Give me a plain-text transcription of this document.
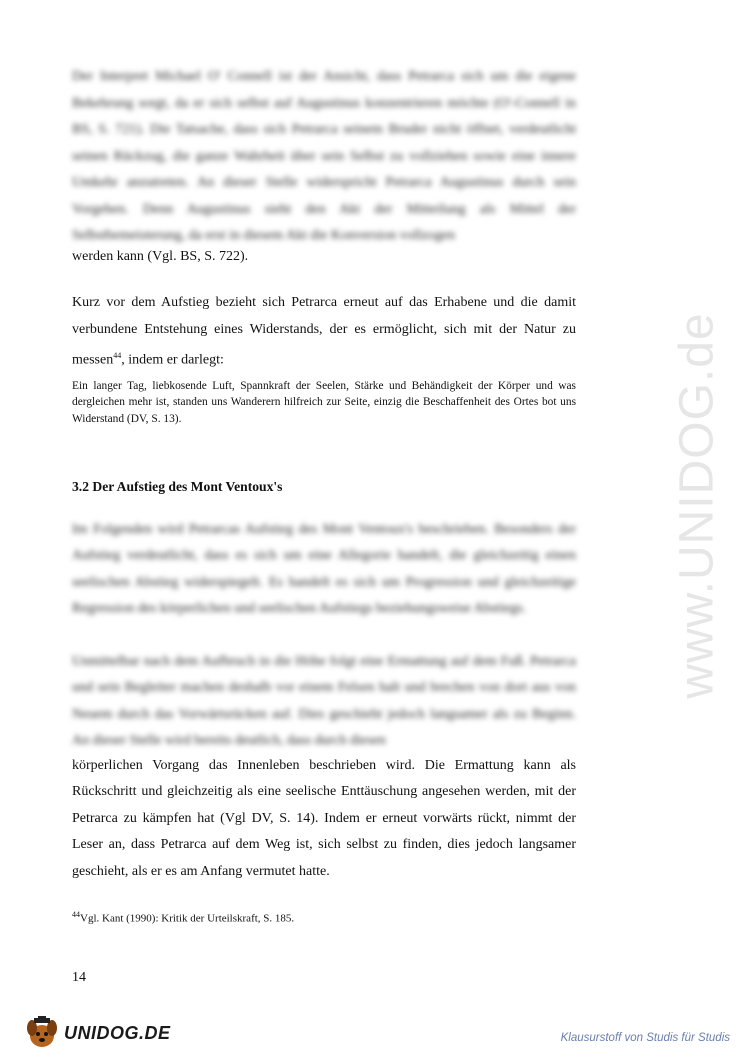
www.UNIDOG.de

Der Interpret Michael O' Connell ist der Ansicht, dass Petrarca sich um die eigene Bekehrung sorgt, da er sich selbst auf Augustinus konzentrieren möchte (O'-Connell in BS, S. 721). Die Tatsache, dass sich Petrarca seinem Bruder nicht öffnet, verdeutlicht seinen Rückzug, die ganze Wahrheit über sein Selbst zu vollziehen sowie eine innere Umkehr anzutreten. An dieser Stelle widerspricht Petrarca Augustinus durch sein Vorgehen. Denn Augustinus sieht den Akt der Mitteilung als Mittel der Selbstbemeisterung, da erst in diesem Akt die Konversion vollzogen

werden kann (Vgl. BS, S. 722).

Kurz vor dem Aufstieg bezieht sich Petrarca erneut auf das Erhabene und die damit verbundene Entstehung eines Widerstands, der es ermöglicht, sich mit der Natur zu messen$^{44}$, indem er darlegt:

Ein langer Tag, liebkosende Luft, Spannkraft der Seelen, Stärke und Behändigkeit der Körper und was dergleichen mehr ist, standen uns Wanderern hilfreich zur Seite, einzig die Beschaffenheit des Ortes bot uns Widerstand (DV, S. 13).

3.2 Der Aufstieg des Mont Ventoux's

Im Folgenden wird Petrarcas Aufstieg des Mont Ventoux's beschrieben. Besonders der Aufstieg verdeutlicht, dass es sich um eine Allegorie handelt, die gleichzeitig einen seelischen Abstieg widerspiegelt. Es handelt es sich um Progression und gleichzeitige Regression des körperlichen und seelischen Aufstiegs beziehungsweise Abstiegs.

Unmittelbar nach dem Aufbruch in die Höhe folgt eine Ermattung auf dem Fuß. Petrarca und sein Begleiter machen deshalb vor einem Felsen halt und brechen von dort aus von Neuem durch das Vorwärtsrücken auf. Dies geschieht jedoch langsamer als zu Beginn. An dieser Stelle wird bereits deutlich, dass durch diesen

körperlichen Vorgang das Innenleben beschrieben wird. Die Ermattung kann als Rückschritt und gleichzeitig als eine seelische Enttäuschung angesehen werden, mit der Petrarca zu kämpfen hat (Vgl DV, S. 14). Indem er erneut vorwärts rückt, nimmt der Leser an, dass Petrarca auf dem Weg ist, sich selbst zu finden, dies jedoch langsamer geschieht, als er es am Anfang vermutet hatte.

$^{44}$Vgl. Kant (1990): Kritik der Urteilskraft, S. 185.

14
UNIDOG.DE	Klausurstoff von Studis für Studis
